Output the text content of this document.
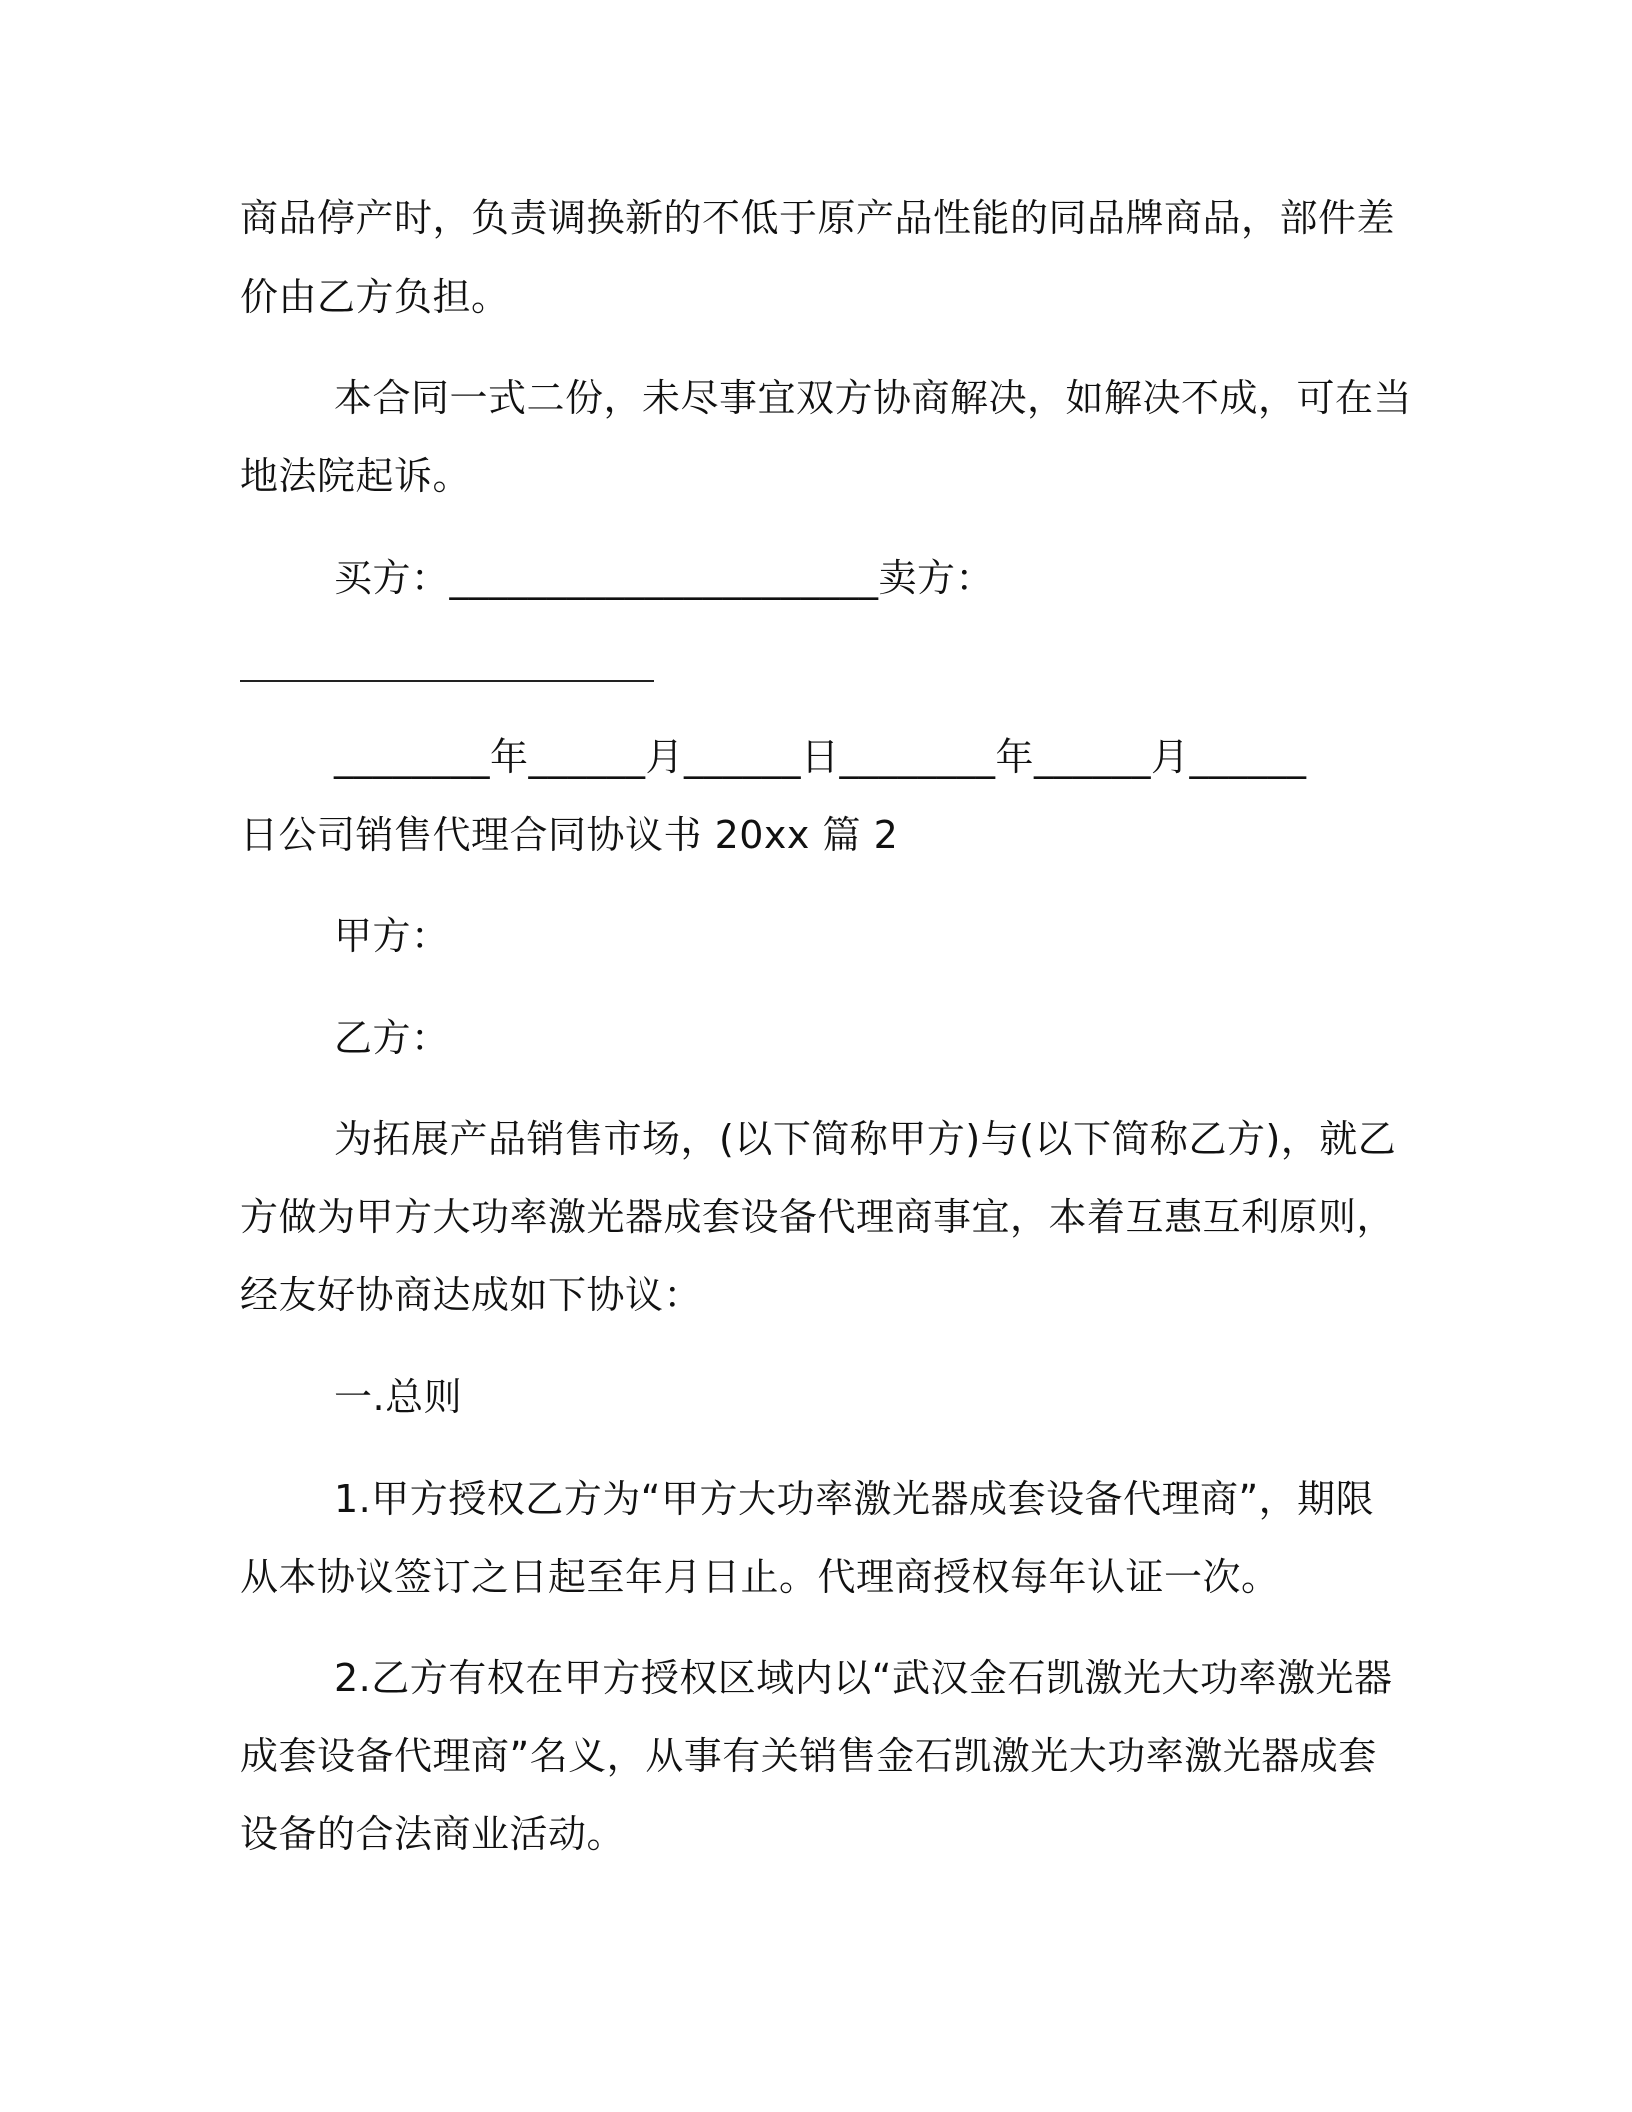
商品停产时，负责调换新的不低于原产品性能的同品牌商品，部件差
价由乙方负担。
本合同一式二份，未尽事宜双方协商解决，如解决不成，可在当
地法院起诉。
买方：______________________卖方：
________年______月______日________年______月______
日公司销售代理合同协议书 20xx 篇 2
甲方：
乙方：
为拓展产品销售市场，(以下简称甲方)与(以下简称乙方)，就乙
方做为甲方大功率激光器成套设备代理商事宜，本着互惠互利原则，
经友好协商达成如下协议：
一.总则
1.甲方授权乙方为“甲方大功率激光器成套设备代理商”，期限
从本协议签订之日起至年月日止。代理商授权每年认证一次。
2.乙方有权在甲方授权区域内以“武汉金石凯激光大功率激光器
成套设备代理商”名义，从事有关销售金石凯激光大功率激光器成套
设备的合法商业活动。
